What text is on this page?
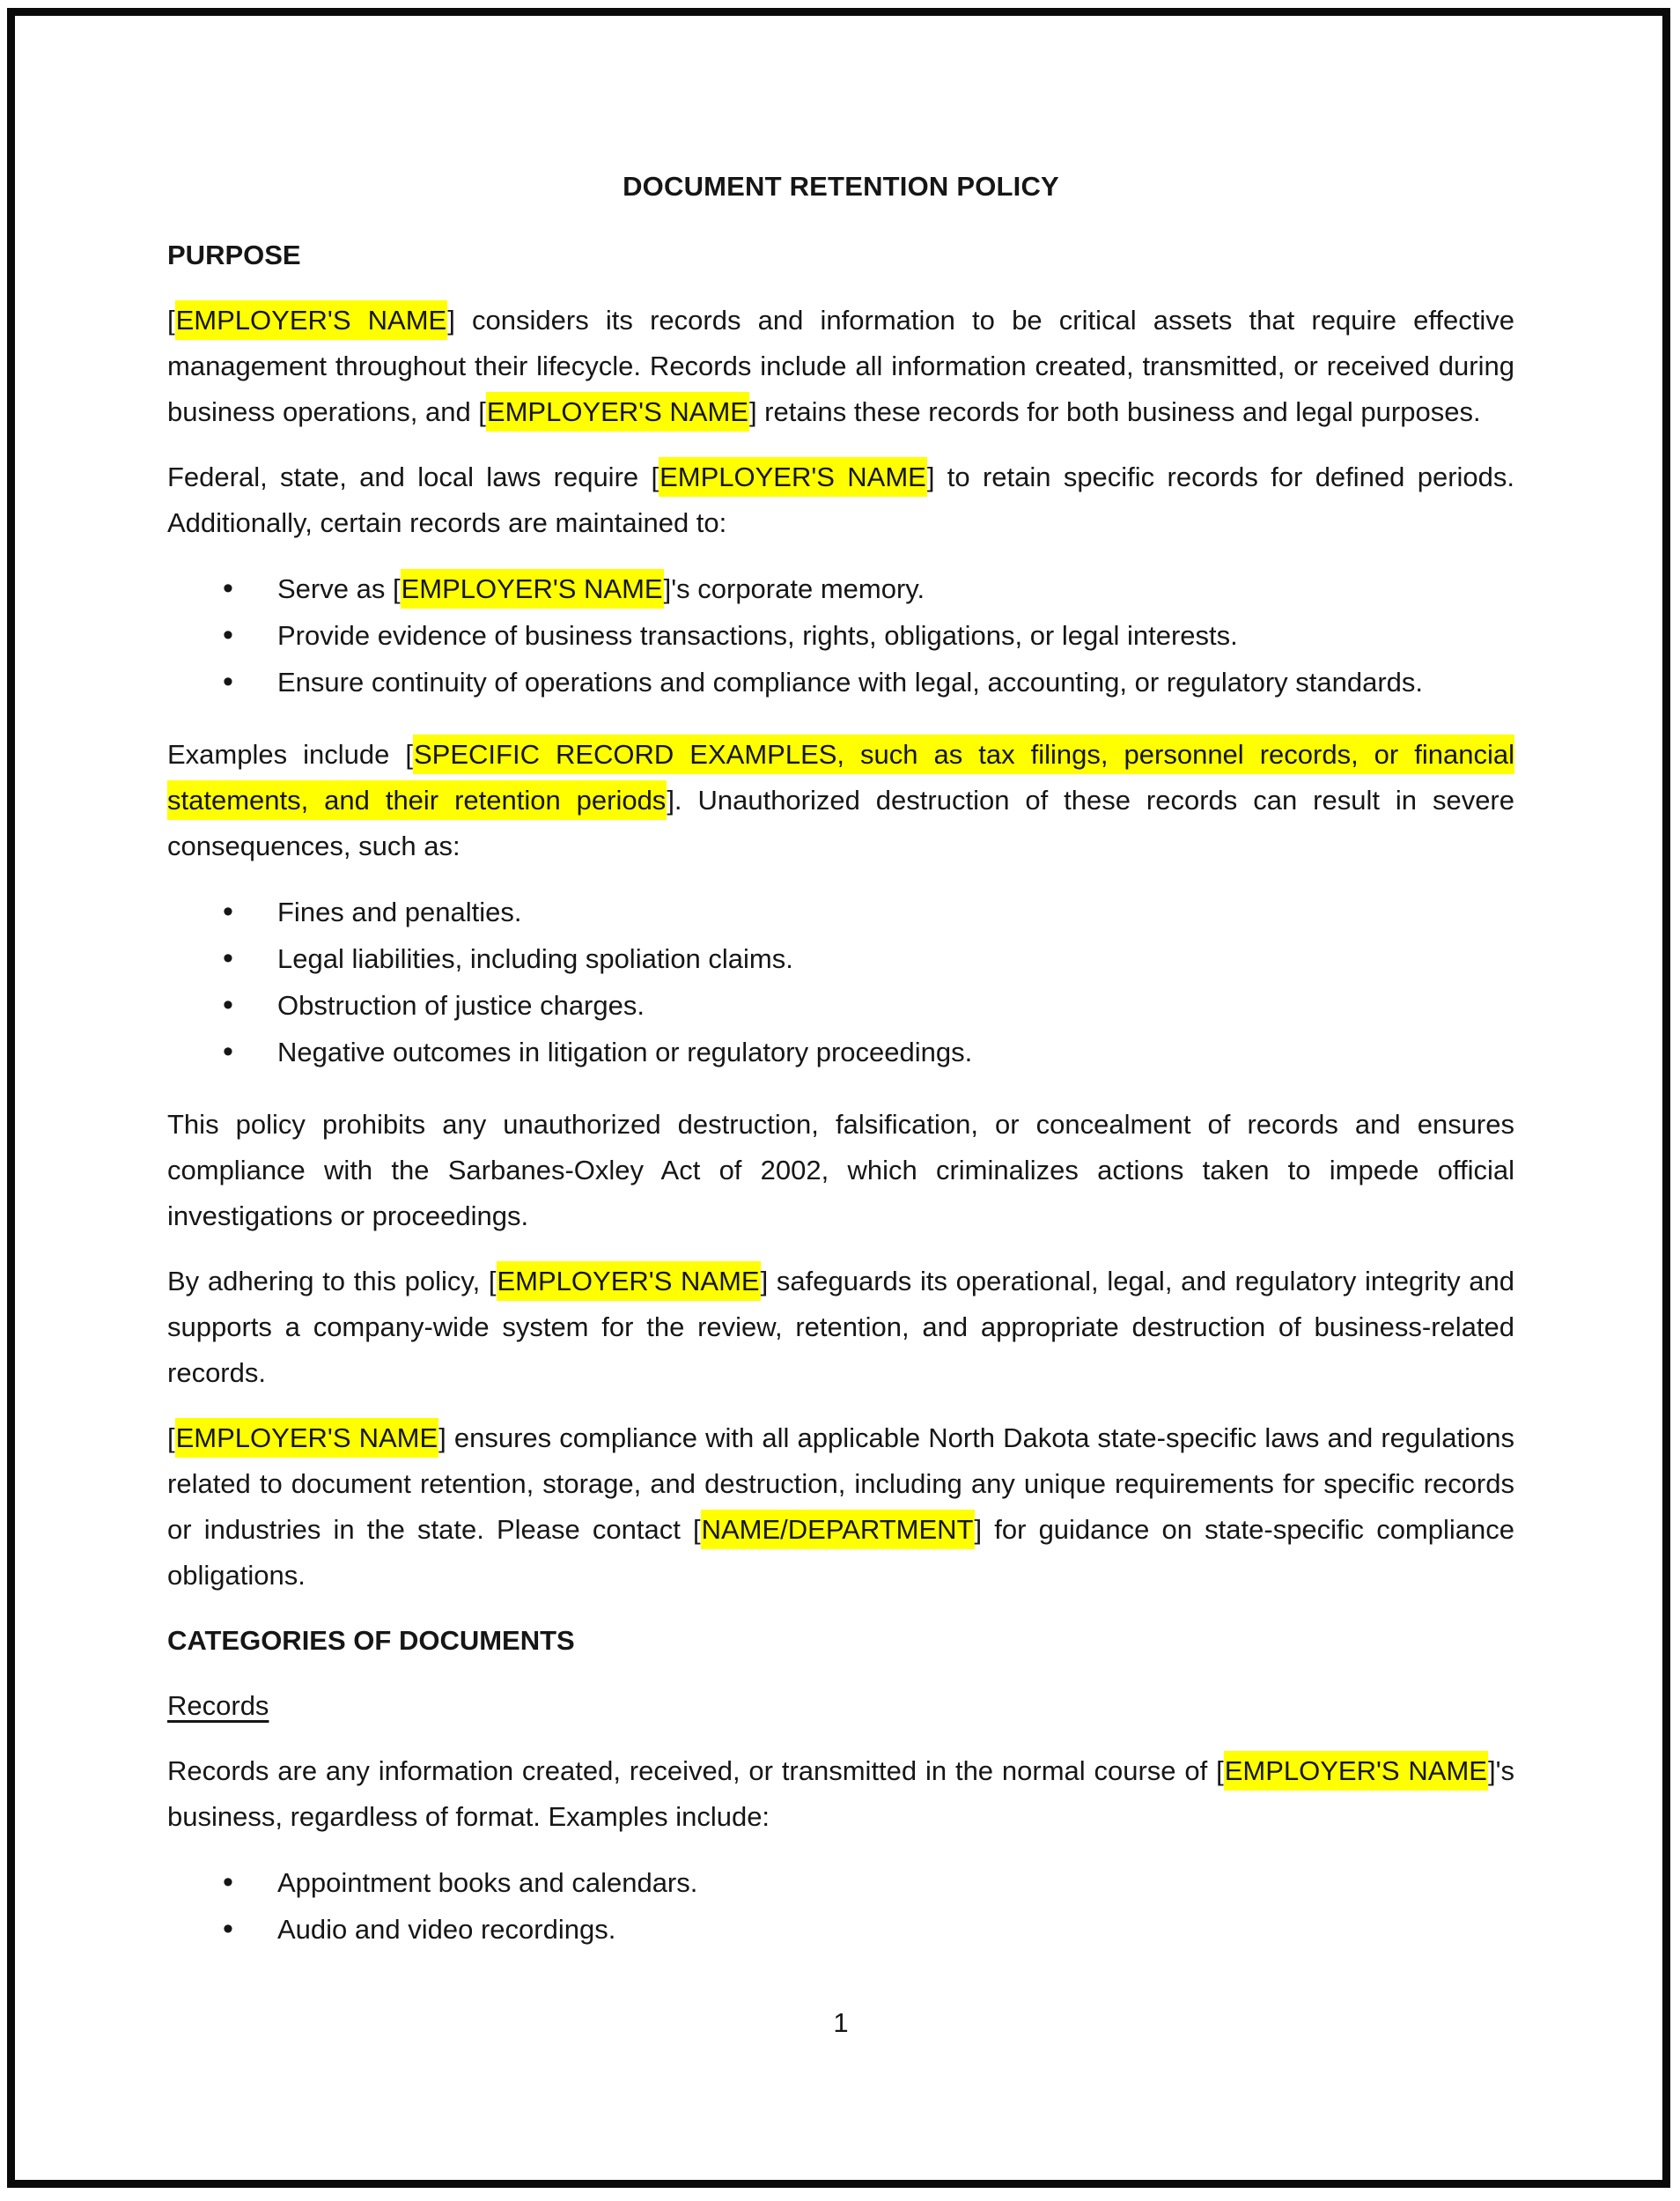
DOCUMENT RETENTION POLICY
PURPOSE

[EMPLOYER'S NAME] considers its records and information to be critical assets that require effective management throughout their lifecycle. Records include all information created, transmitted, or received during business operations, and [EMPLOYER'S NAME] retains these records for both business and legal purposes.

Federal, state, and local laws require [EMPLOYER'S NAME] to retain specific records for defined periods. Additionally, certain records are maintained to:

• Serve as [EMPLOYER'S NAME]'s corporate memory.
• Provide evidence of business transactions, rights, obligations, or legal interests.
• Ensure continuity of operations and compliance with legal, accounting, or regulatory standards.

Examples include [SPECIFIC RECORD EXAMPLES, such as tax filings, personnel records, or financial statements, and their retention periods]. Unauthorized destruction of these records can result in severe consequences, such as:

• Fines and penalties.
• Legal liabilities, including spoliation claims.
• Obstruction of justice charges.
• Negative outcomes in litigation or regulatory proceedings.

This policy prohibits any unauthorized destruction, falsification, or concealment of records and ensures compliance with the Sarbanes-Oxley Act of 2002, which criminalizes actions taken to impede official investigations or proceedings.

By adhering to this policy, [EMPLOYER'S NAME] safeguards its operational, legal, and regulatory integrity and supports a company-wide system for the review, retention, and appropriate destruction of business-related records.

[EMPLOYER'S NAME] ensures compliance with all applicable North Dakota state-specific laws and regulations related to document retention, storage, and destruction, including any unique requirements for specific records or industries in the state. Please contact [NAME/DEPARTMENT] for guidance on state-specific compliance obligations.

CATEGORIES OF DOCUMENTS
Records

Records are any information created, received, or transmitted in the normal course of [EMPLOYER'S NAME]'s business, regardless of format. Examples include:

• Appointment books and calendars.
• Audio and video recordings.
1
